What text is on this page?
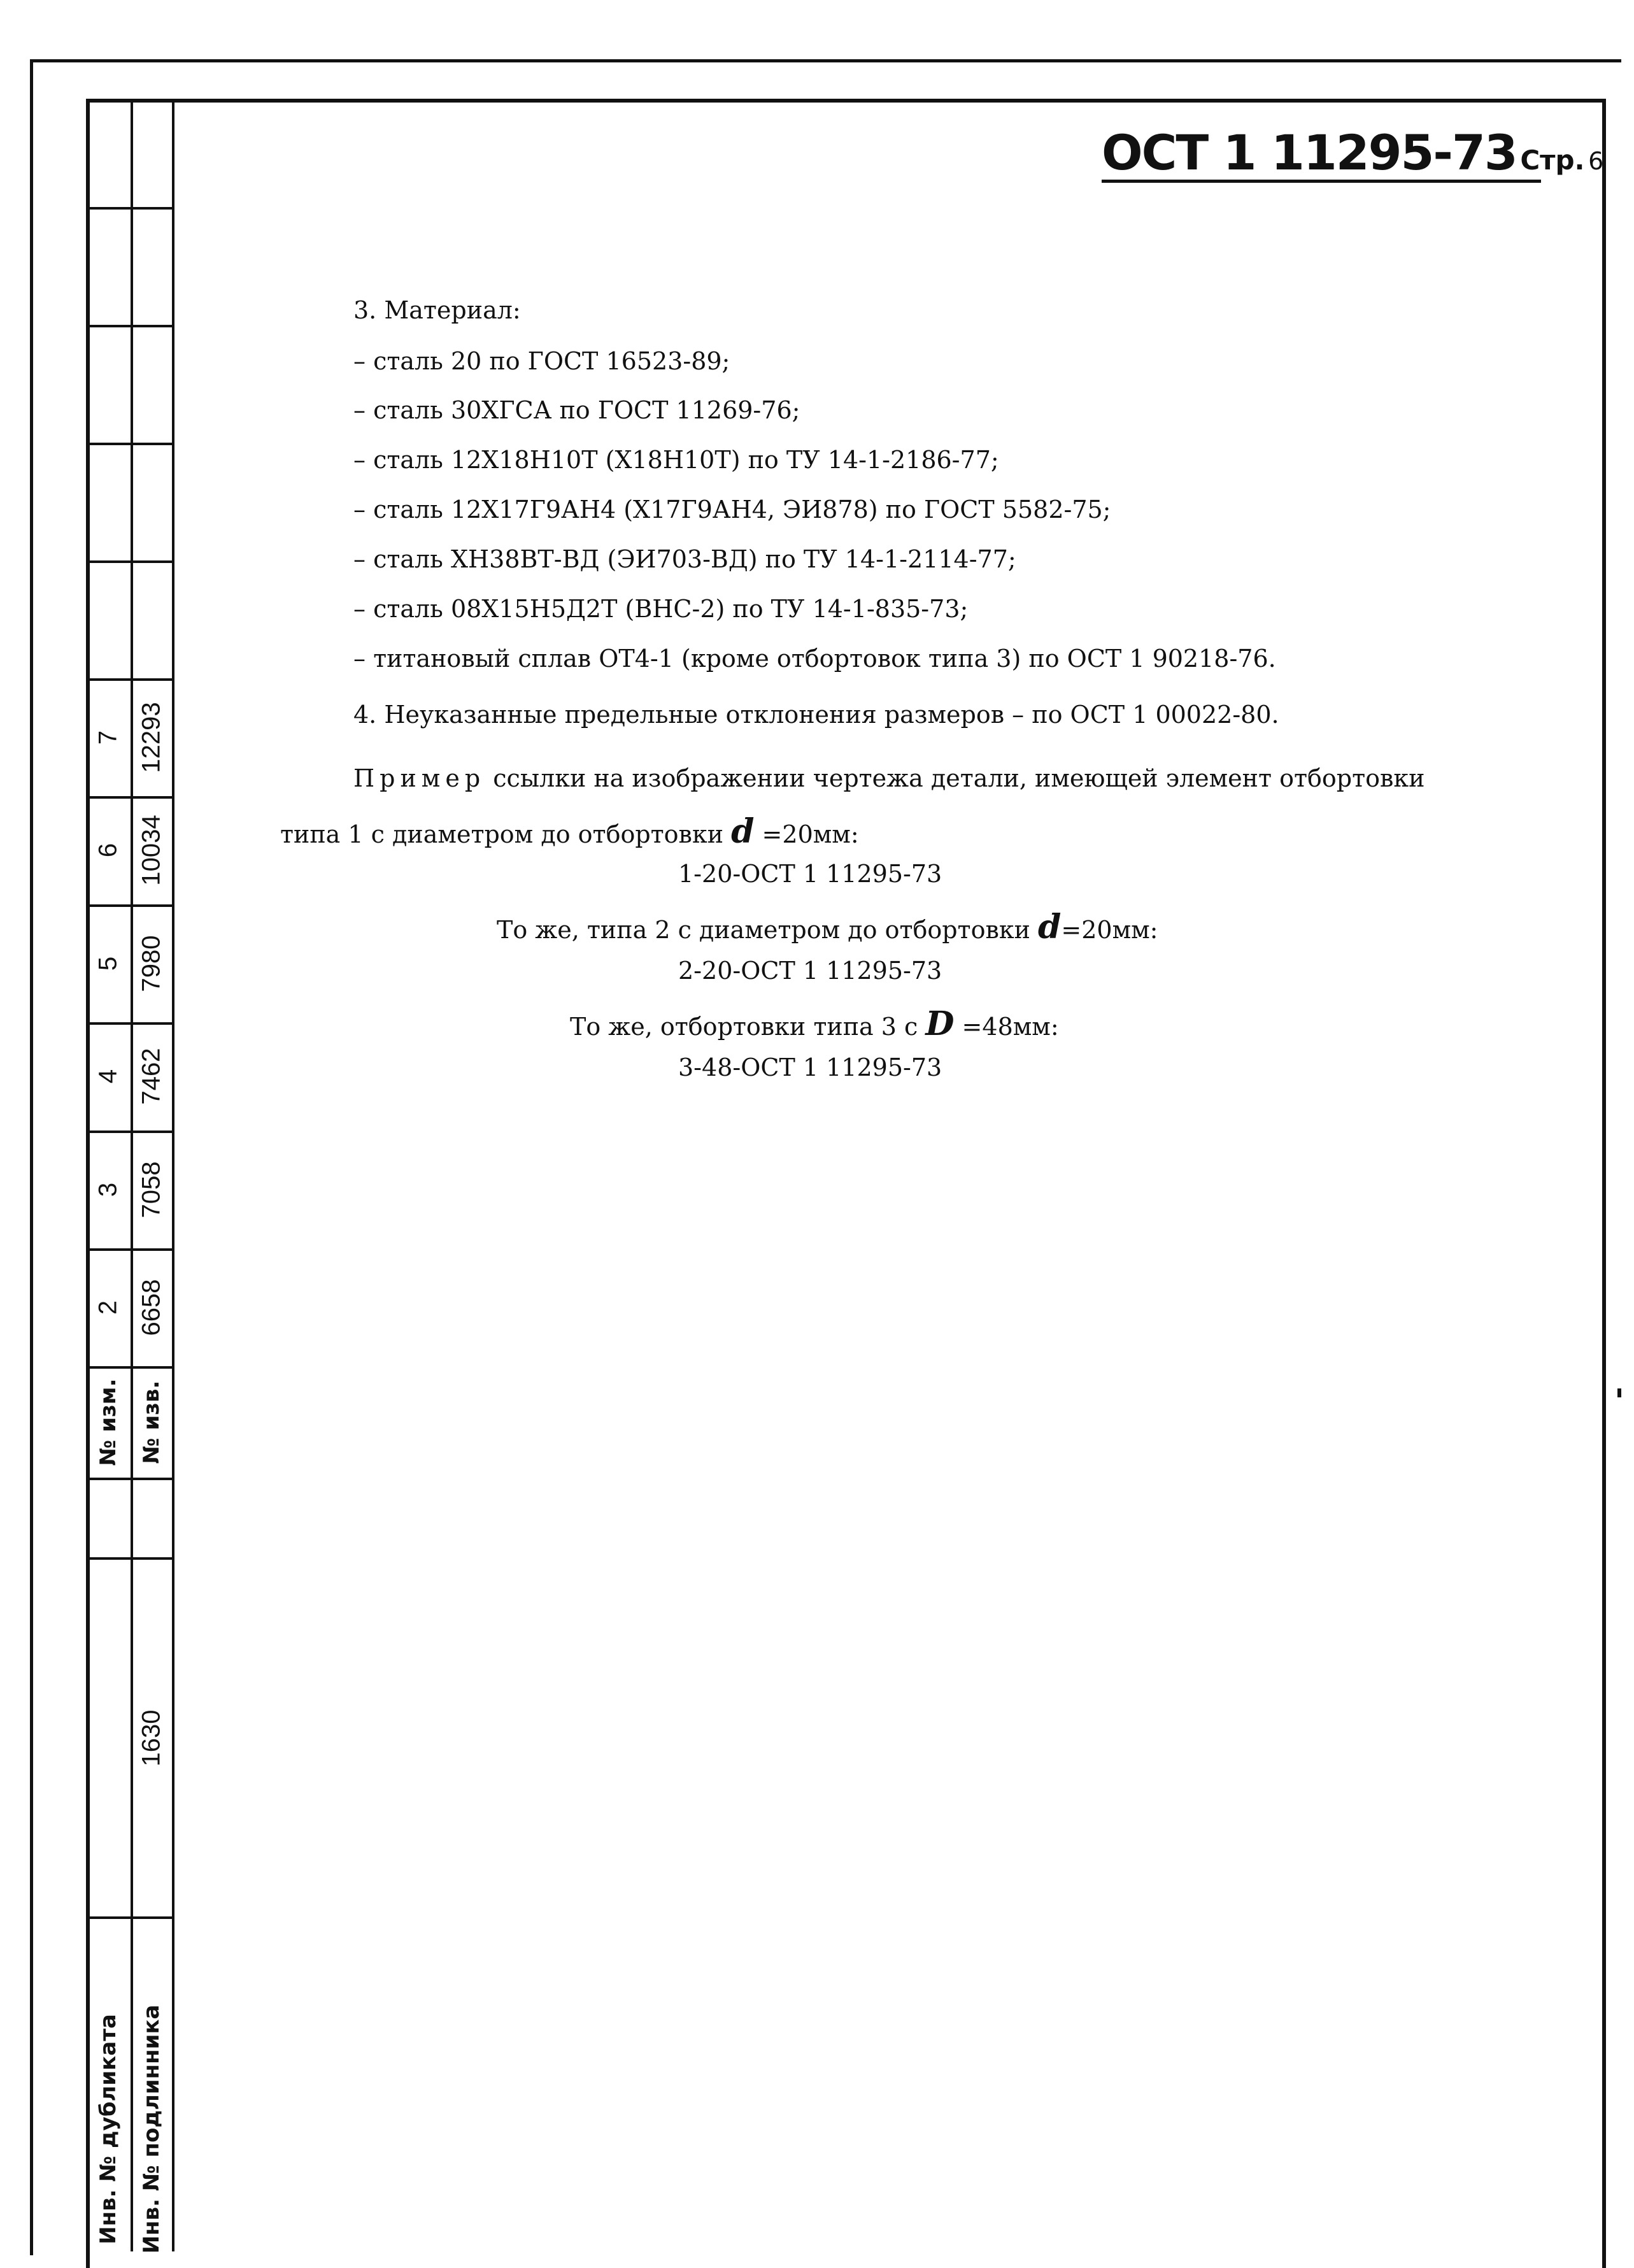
7
6
5
4
3
2
№ изм.
Инв. № дубликата
12293
10034
7980
7462
7058
6658
№ изв.
1630
Инв. № подлинника
ОСТ 1 11295-73 Стр. 6
3. Материал:
– сталь 20 по ГОСТ 16523-89;
– сталь 30ХГСА по ГОСТ 11269-76;
– сталь 12Х18Н10Т (Х18Н10Т) по ТУ 14-1-2186-77;
– сталь 12Х17Г9АН4 (Х17Г9АН4, ЭИ878) по ГОСТ 5582-75;
– сталь ХН38ВТ-ВД (ЭИ703-ВД) по ТУ 14-1-2114-77;
– сталь 08Х15Н5Д2Т (ВНС-2) по ТУ 14-1-835-73;
– титановый сплав ОТ4-1 (кроме отбортовок типа 3) по ОСТ 1 90218-76.
4. Неуказанные предельные отклонения размеров – по ОСТ 1 00022-80.
Пример ссылки на изображении чертежа детали, имеющей элемент отбортовки
типа 1 с диаметром до отбортовки d =20мм:
1-20-ОСТ 1 11295-73
То же, типа 2 с диаметром до отбортовки d=20мм:
2-20-ОСТ 1 11295-73
То же, отбортовки типа 3 с D =48мм:
3-48-ОСТ 1 11295-73
